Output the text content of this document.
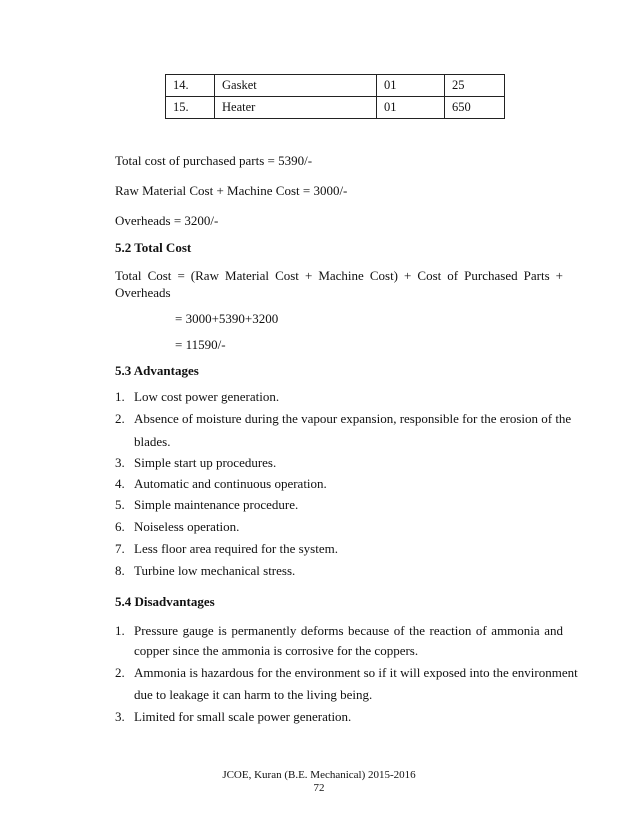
14.	Gasket	01	25
15.	Heater	01	650
Total cost of purchased parts = 5390/-
Raw Material Cost + Machine Cost = 3000/-
Overheads = 3200/-
5.2 Total Cost
Total Cost = (Raw Material Cost + Machine Cost) + Cost of Purchased Parts +
Overheads
= 3000+5390+3200
= 11590/-
5.3 Advantages
1. Low cost power generation.
2. Absence of moisture during the vapour expansion, responsible for the erosion of the
blades.
3. Simple start up procedures.
4. Automatic and continuous operation.
5. Simple maintenance procedure.
6. Noiseless operation.
7. Less floor area required for the system.
8. Turbine low mechanical stress.
5.4 Disadvantages
1. Pressure gauge is permanently deforms because of the reaction of ammonia and
copper since the ammonia is corrosive for the coppers.
2. Ammonia is hazardous for the environment so if it will exposed into the environment
due to leakage it can harm to the living being.
3. Limited for small scale power generation.
JCOE, Kuran (B.E. Mechanical) 2015-2016
72
